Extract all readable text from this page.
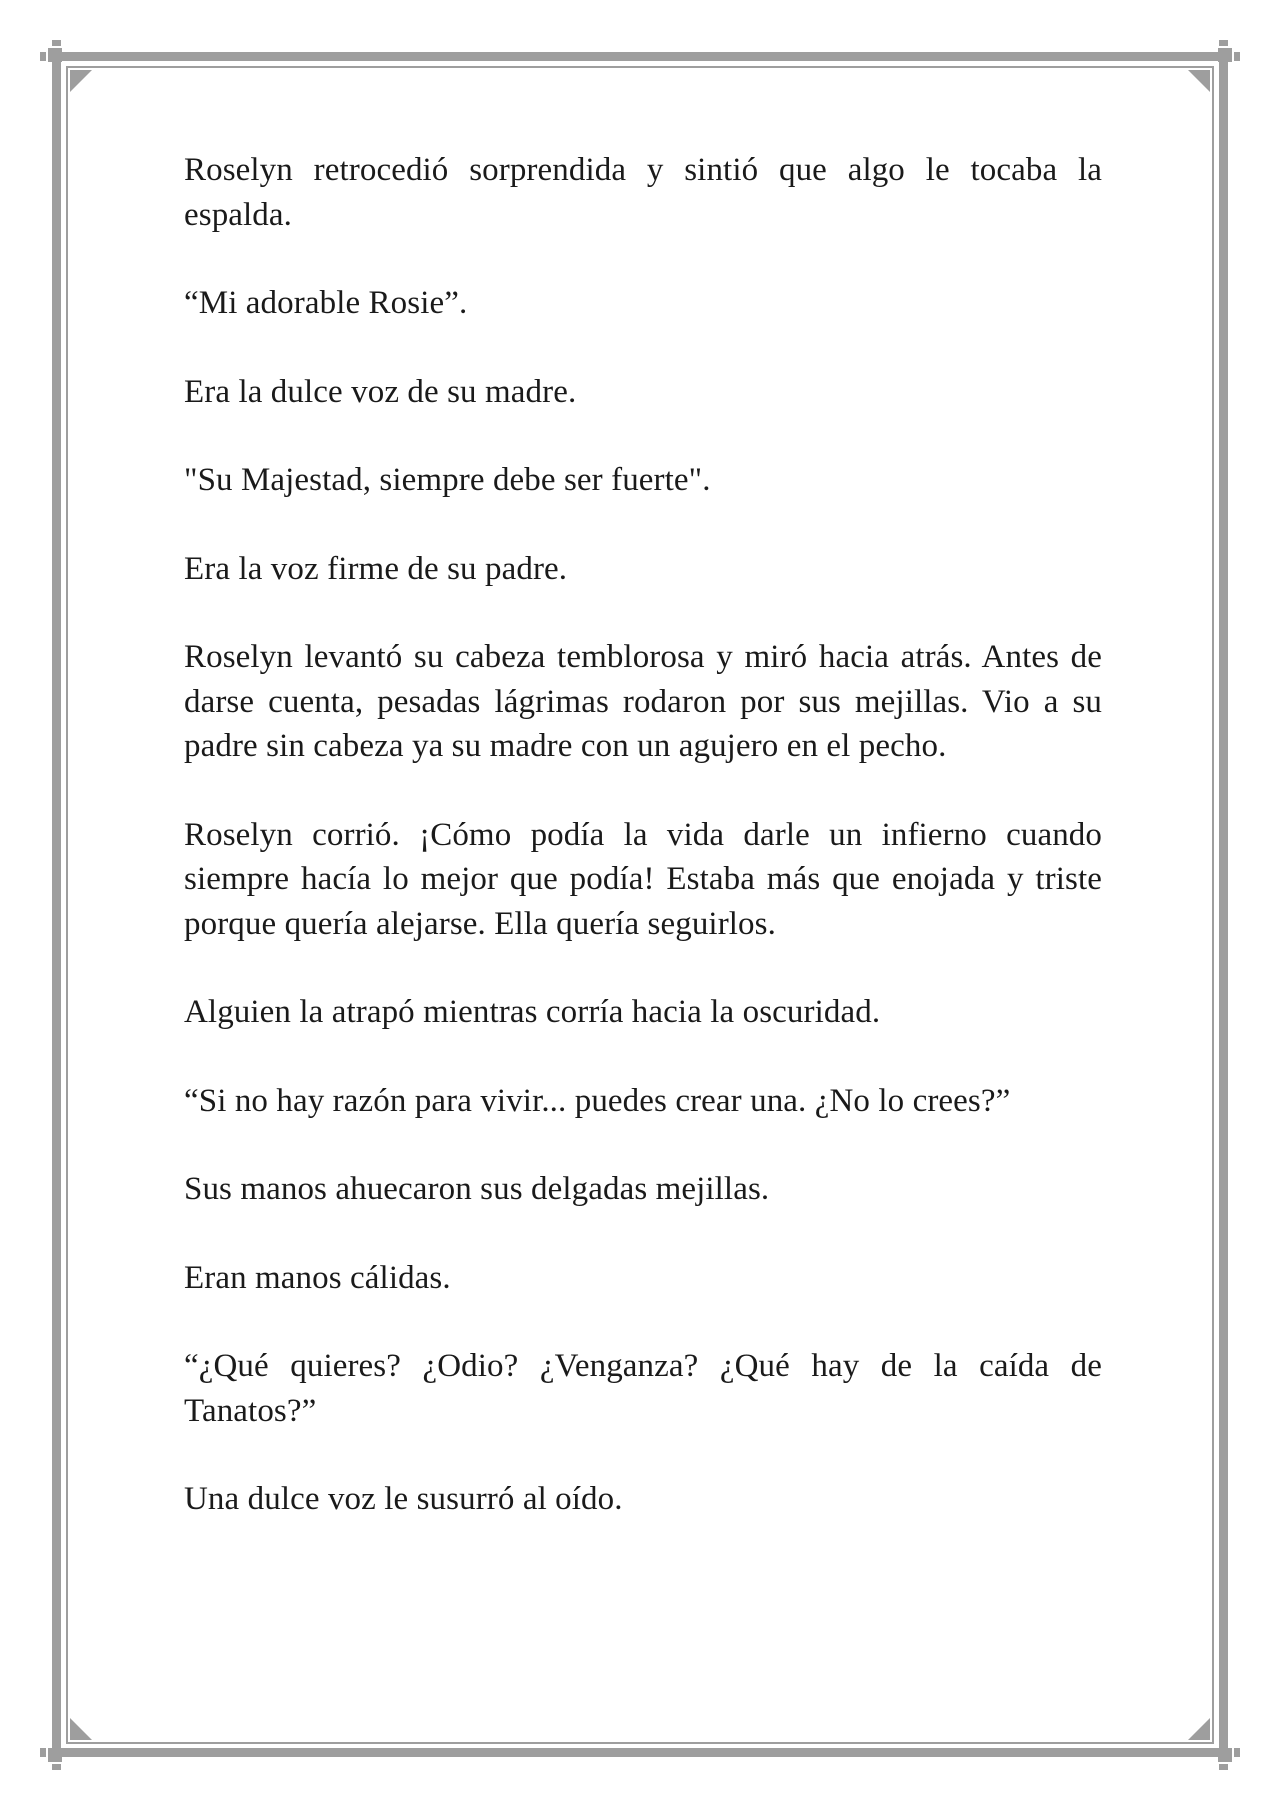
Roselyn retrocedió sorprendida y sintió que algo le tocaba la espalda.

“Mi adorable Rosie”.

Era la dulce voz de su madre.

"Su Majestad, siempre debe ser fuerte".

Era la voz firme de su padre.

Roselyn levantó su cabeza temblorosa y miró hacia atrás. Antes de darse cuenta, pesadas lágrimas rodaron por sus mejillas. Vio a su padre sin cabeza ya su madre con un agujero en el pecho.

Roselyn corrió. ¡Cómo podía la vida darle un infierno cuando siempre hacía lo mejor que podía! Estaba más que enojada y triste porque quería alejarse. Ella quería seguirlos.

Alguien la atrapó mientras corría hacia la oscuridad.

“Si no hay razón para vivir... puedes crear una. ¿No lo crees?”

Sus manos ahuecaron sus delgadas mejillas.

Eran manos cálidas.

“¿Qué quieres? ¿Odio? ¿Venganza? ¿Qué hay de la caída de Tanatos?”

Una dulce voz le susurró al oído.
